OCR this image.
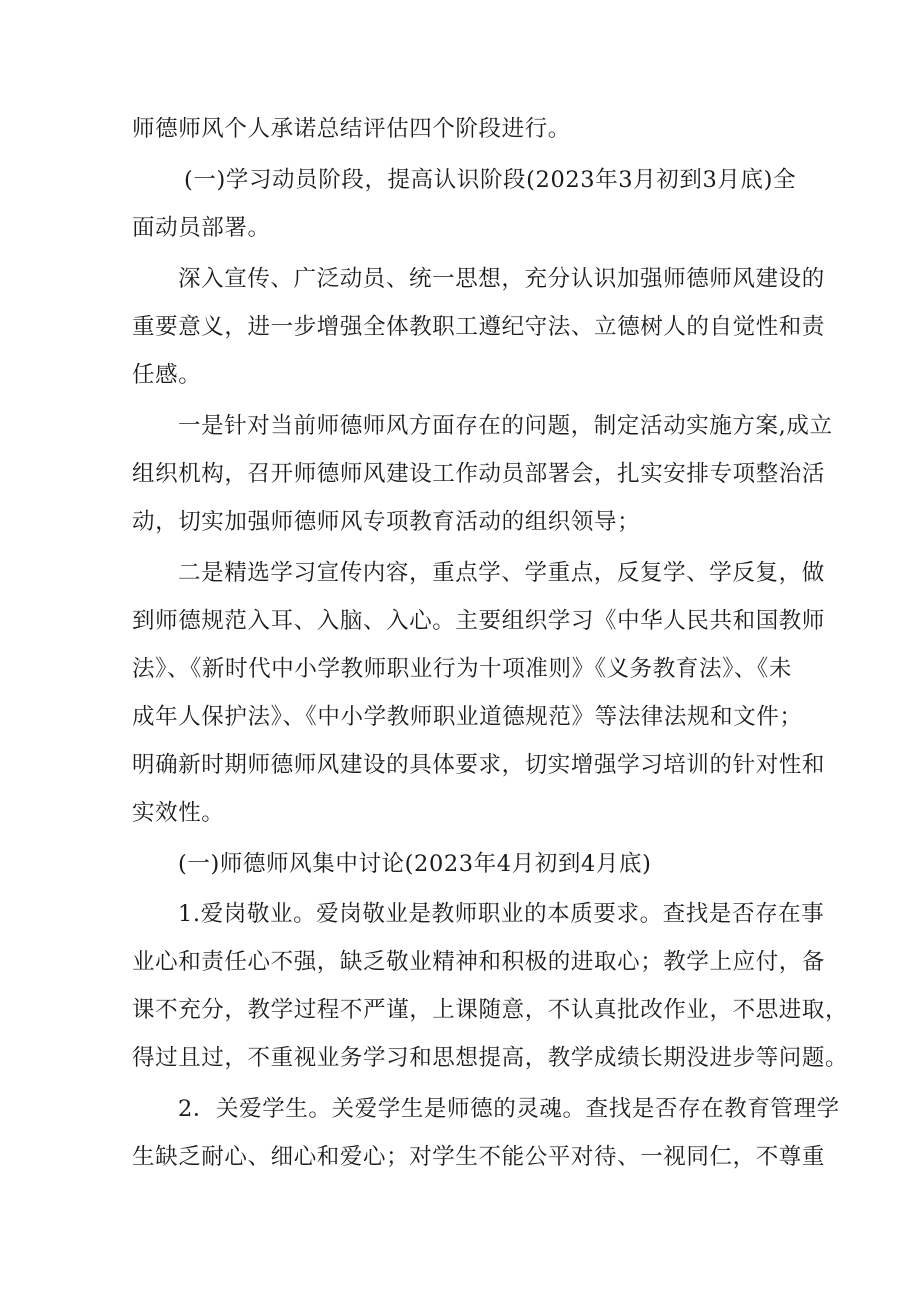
师德师风个人承诺总结评估四个阶段进行。
(一)学习动员阶段，提高认识阶段(2023年3月初到3月底)全
面动员部署。
深入宣传、广泛动员、统一思想，充分认识加强师德师风建设的
重要意义，进一步增强全体教职工遵纪守法、立德树人的自觉性和责
任感。
一是针对当前师德师风方面存在的问题，制定活动实施方案,成立
组织机构，召开师德师风建设工作动员部署会，扎实安排专项整治活
动，切实加强师德师风专项教育活动的组织领导；
二是精选学习宣传内容，重点学、学重点，反复学、学反复，做
到师德规范入耳、入脑、入心。主要组织学习《中华人民共和国教师
法》、《新时代中小学教师职业行为十项准则》《义务教育法》、《未
成年人保护法》、《中小学教师职业道德规范》等法律法规和文件；
明确新时期师德师风建设的具体要求，切实增强学习培训的针对性和
实效性。
(一)师德师风集中讨论(2023年4月初到4月底)
1.爱岗敬业。爱岗敬业是教师职业的本质要求。查找是否存在事
业心和责任心不强，缺乏敬业精神和积极的进取心；教学上应付，备
课不充分，教学过程不严谨，上课随意，不认真批改作业，不思进取，
得过且过，不重视业务学习和思想提高，教学成绩长期没进步等问题。
2．关爱学生。关爱学生是师德的灵魂。查找是否存在教育管理学
生缺乏耐心、细心和爱心；对学生不能公平对待、一视同仁，不尊重
